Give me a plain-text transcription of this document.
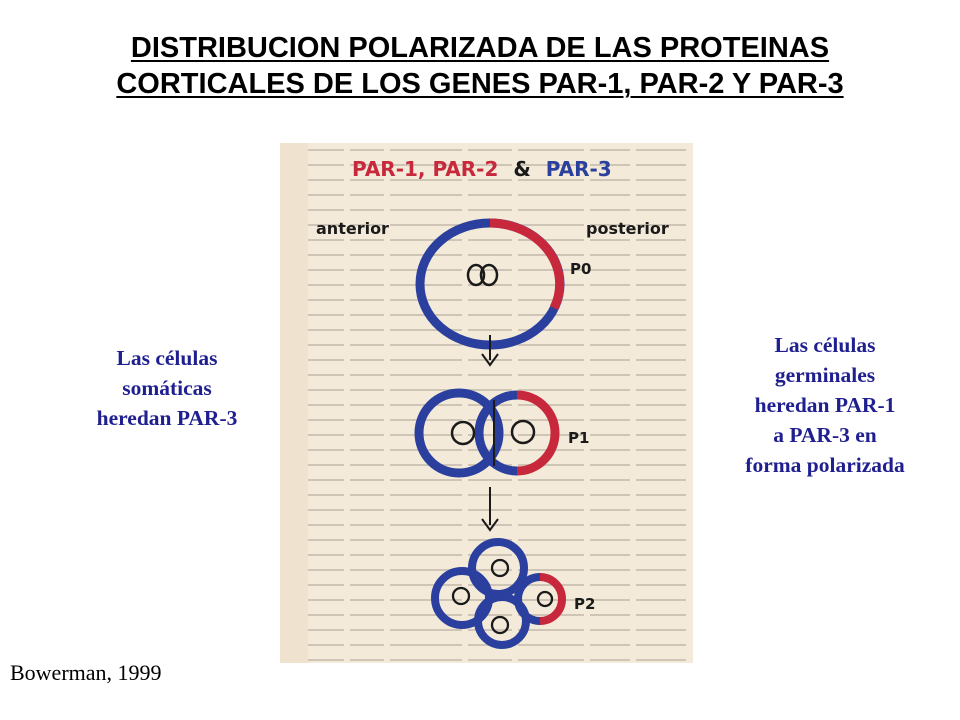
DISTRIBUCION POLARIZADA DE LAS PROTEINAS
CORTICALES DE LOS GENES PAR-1, PAR-2 Y PAR-3
Las células
somáticas
heredan PAR-3
Las células
germinales
heredan PAR-1
a PAR-3 en
forma polarizada
Bowerman, 1999
PAR-1, PAR-2 & PAR-3
anterior	posterior
P0
P1
P2
